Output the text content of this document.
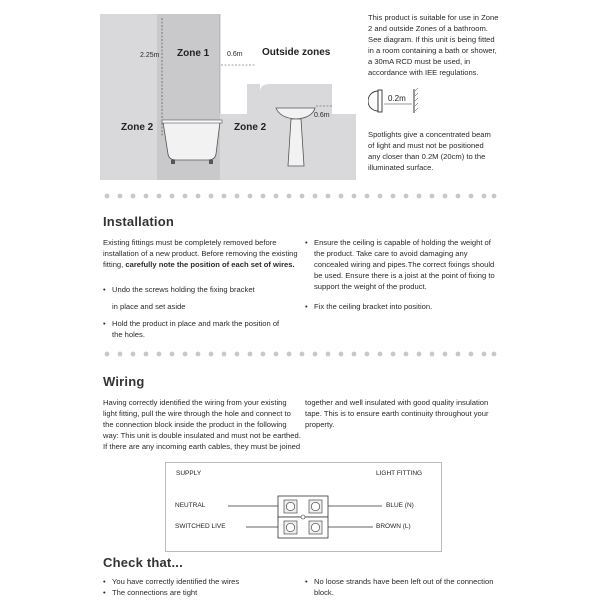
2.25m Zone 1	0.6m Outside zones
0.6m
Zone 2	Zone 2
This product is suitable for use in Zone 2 and outside Zones of a bathroom. See diagram. If this unit is being fitted in a room containing a bath or shower, a 30mA RCD must be used, in accordance with IEE regulations.
0.2m
Spotlights give a concentrated beam of light and must not be positioned any closer than 0.2M (20cm) to the illuminated surface.
Installation
Existing fittings must be completely removed before installation of a new product. Before removing the existing fitting, carefully note the position of each set of wires.
• Undo the screws holding the fixing bracket
in place and set aside
• Hold the product in place and mark the position of the holes.
• Ensure the ceiling is capable of holding the weight of the product. Take care to avoid damaging any concealed wiring and pipes.The correct fixings should be used. Ensure there is a joist at the point of fixing to support the weight of the product.
• Fix the ceiling bracket into position.
Wiring
Having correctly identified the wiring from your existing light fitting, pull the wire through the hole and connect to the connection block inside the product in the following way: This unit is double insulated and must not be earthed. If there are any incoming earth cables, they must be joined
together and well insulated with good quality insulation tape. This is to ensure earth continuity throughout your property.
SUPPLY	LIGHT FITTING
NEUTRAL
SWITCHED LIVE
BLUE (N)
BROWN (L)
Check that...
• You have correctly identified the wires
• The connections are tight
• No loose strands have been left out of the connection block.
